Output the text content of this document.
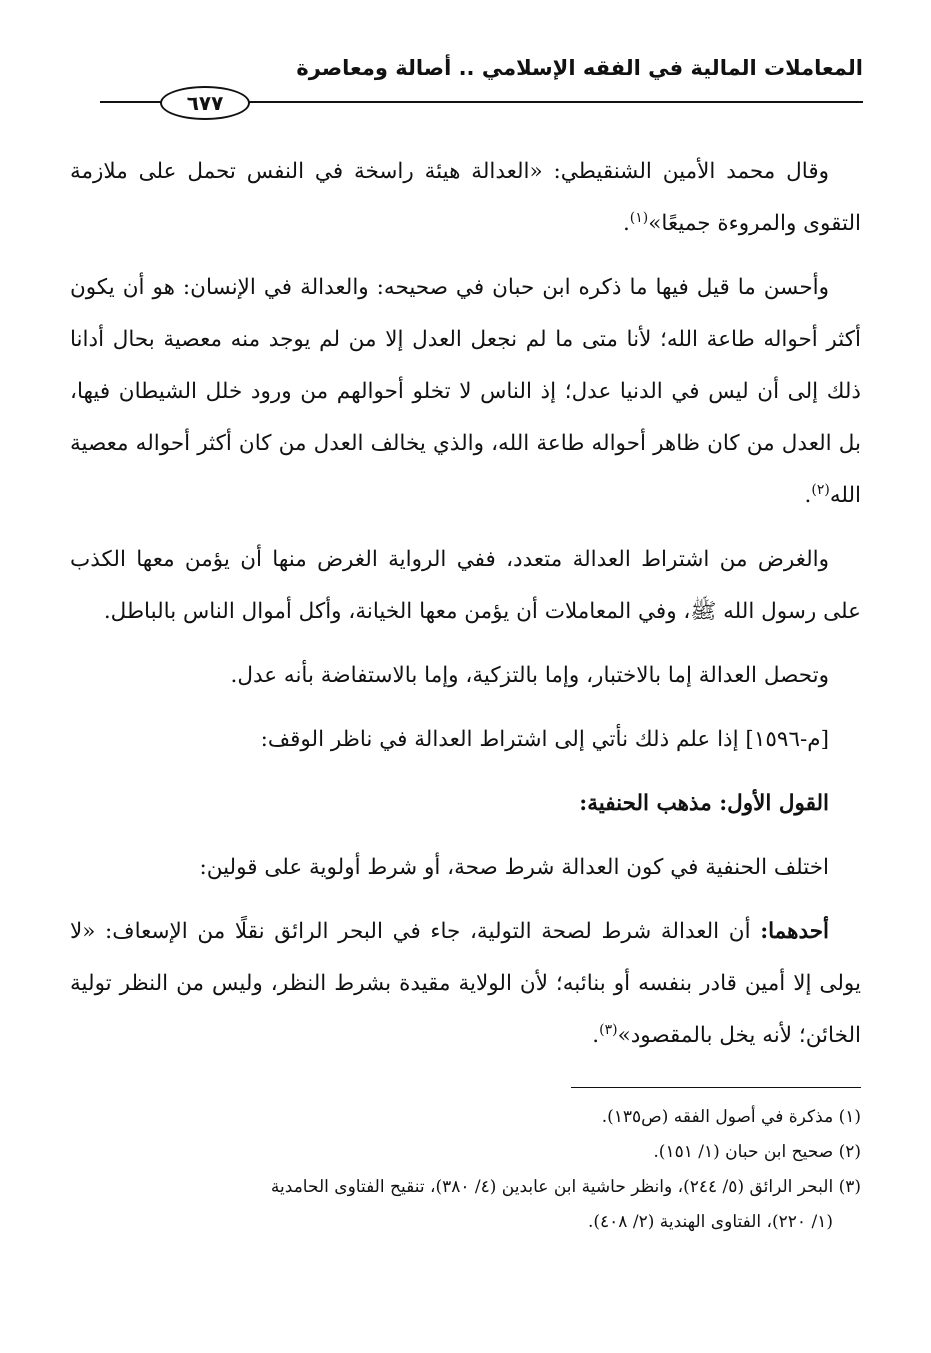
المعاملات المالية في الفقه الإسلامي .. أصالة ومعاصرة
٦٧٧

وقال محمد الأمين الشنقيطي: «العدالة هيئة راسخة في النفس تحمل على ملازمة التقوى والمروءة جميعًا»$^{(١)}$.

وأحسن ما قيل فيها ما ذكره ابن حبان في صحيحه: والعدالة في الإنسان: هو أن يكون أكثر أحواله طاعة الله؛ لأنا متى ما لم نجعل العدل إلا من لم يوجد منه معصية بحال أدانا ذلك إلى أن ليس في الدنيا عدل؛ إذ الناس لا تخلو أحوالهم من ورود خلل الشيطان فيها، بل العدل من كان ظاهر أحواله طاعة الله، والذي يخالف العدل من كان أكثر أحواله معصية الله$^{(٢)}$.

والغرض من اشتراط العدالة متعدد، ففي الرواية الغرض منها أن يؤمن معها الكذب على رسول الله ﷺ، وفي المعاملات أن يؤمن معها الخيانة، وأكل أموال الناس بالباطل.

وتحصل العدالة إما بالاختبار، وإما بالتزكية، وإما بالاستفاضة بأنه عدل.

[م-١٥٩٦] إذا علم ذلك نأتي إلى اشتراط العدالة في ناظر الوقف:

القول الأول: مذهب الحنفية:

اختلف الحنفية في كون العدالة شرط صحة، أو شرط أولوية على قولين:

أحدهما: أن العدالة شرط لصحة التولية، جاء في البحر الرائق نقلًا من الإسعاف: «لا يولى إلا أمين قادر بنفسه أو بنائبه؛ لأن الولاية مقيدة بشرط النظر، وليس من النظر تولية الخائن؛ لأنه يخل بالمقصود»$^{(٣)}$.

(١) مذكرة في أصول الفقه (ص١٣٥).
(٢) صحيح ابن حبان (١/ ١٥١).
(٣) البحر الرائق (٥/ ٢٤٤)، وانظر حاشية ابن عابدين (٤/ ٣٨٠)، تنقيح الفتاوى الحامدية
(١/ ٢٢٠)، الفتاوى الهندية (٢/ ٤٠٨).
